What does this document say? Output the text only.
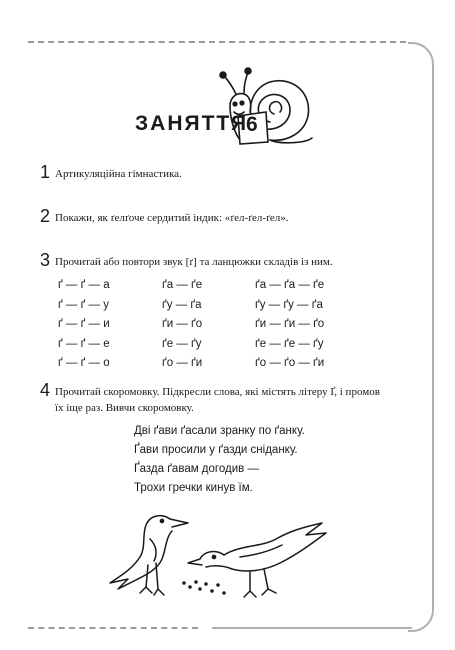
ЗАНЯТТЯ
6
1 Артикуляційна гімнастика.
2 Покажи, як ґелґоче сердитий індик: «ґел-ґел-ґел».
3 Прочитай або повтори звук [ґ] та ланцюжки складів із ним.
ґ — ґ — а
ґ — ґ — у
ґ — ґ — и
ґ — ґ — е
ґ — ґ — о
ґа — ґе
ґу — ґа
ґи — ґо
ґе — ґу
ґо — ґи
ґа — ґа — ґе
ґу — ґу — ґа
ґи — ґи — ґо
ґе — ґе — ґу
ґо — ґо — ґи
4 Прочитай скоромовку. Підкресли слова, які містять літеру Ґ, і промов
їх іще раз. Вивчи скоромовку.
Дві ґави ґасали зранку по ґанку.
Ґави просили у ґазди сніданку.
Ґазда ґавам догодив —
Трохи гречки кинув їм.
